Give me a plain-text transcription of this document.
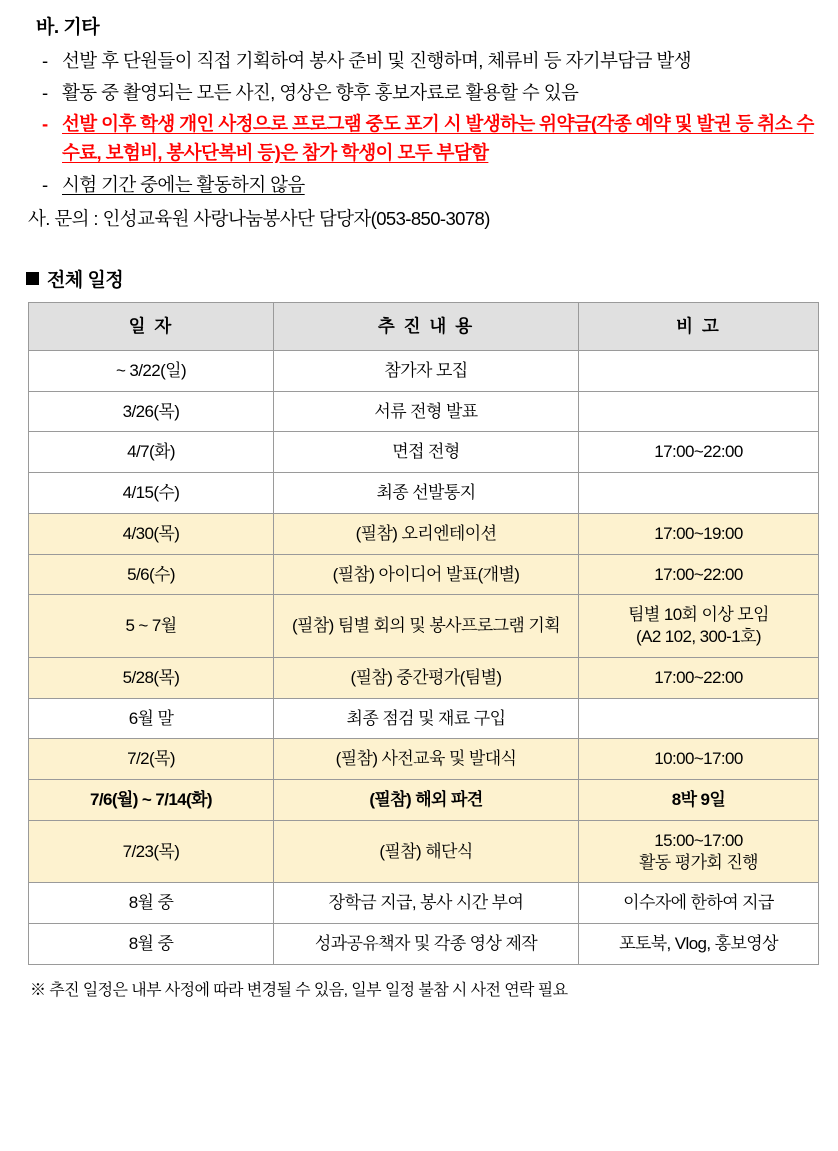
바. 기타
- 선발 후 단원들이 직접 기획하여 봉사 준비 및 진행하며, 체류비 등 자기부담금 발생
- 활동 중 촬영되는 모든 사진, 영상은 향후 홍보자료로 활용할 수 있음
- 선발 이후 학생 개인 사정으로 프로그램 중도 포기 시 발생하는 위약금(각종 예약 및 발권 등 취소 수수료, 보험비, 봉사단복비 등)은 참가 학생이 모두 부담함
- 시험 기간 중에는 활동하지 않음
사. 문의 : 인성교육원 사랑나눔봉사단 담당자(053-850-3078)
전체 일정
일 자	추 진 내 용	비 고
~ 3/22(일)	참가자 모집	
3/26(목)	서류 전형 발표	
4/7(화)	면접 전형	17:00~22:00
4/15(수)	최종 선발통지	
4/30(목)	(필참) 오리엔테이션	17:00~19:00
5/6(수)	(필참) 아이디어 발표(개별)	17:00~22:00
5 ~ 7월	(필참) 팀별 회의 및 봉사프로그램 기획	팀별 10회 이상 모임
(A2 102, 300-1호)
5/28(목)	(필참) 중간평가(팀별)	17:00~22:00
6월 말	최종 점검 및 재료 구입	
7/2(목)	(필참) 사전교육 및 발대식	10:00~17:00
7/6(월) ~ 7/14(화)	(필참) 해외 파견	8박 9일
7/23(목)	(필참) 해단식	15:00~17:00
활동 평가회 진행
8월 중	장학금 지급, 봉사 시간 부여	이수자에 한하여 지급
8월 중	성과공유책자 및 각종 영상 제작	포토북, Vlog, 홍보영상
※ 추진 일정은 내부 사정에 따라 변경될 수 있음, 일부 일정 불참 시 사전 연락 필요
